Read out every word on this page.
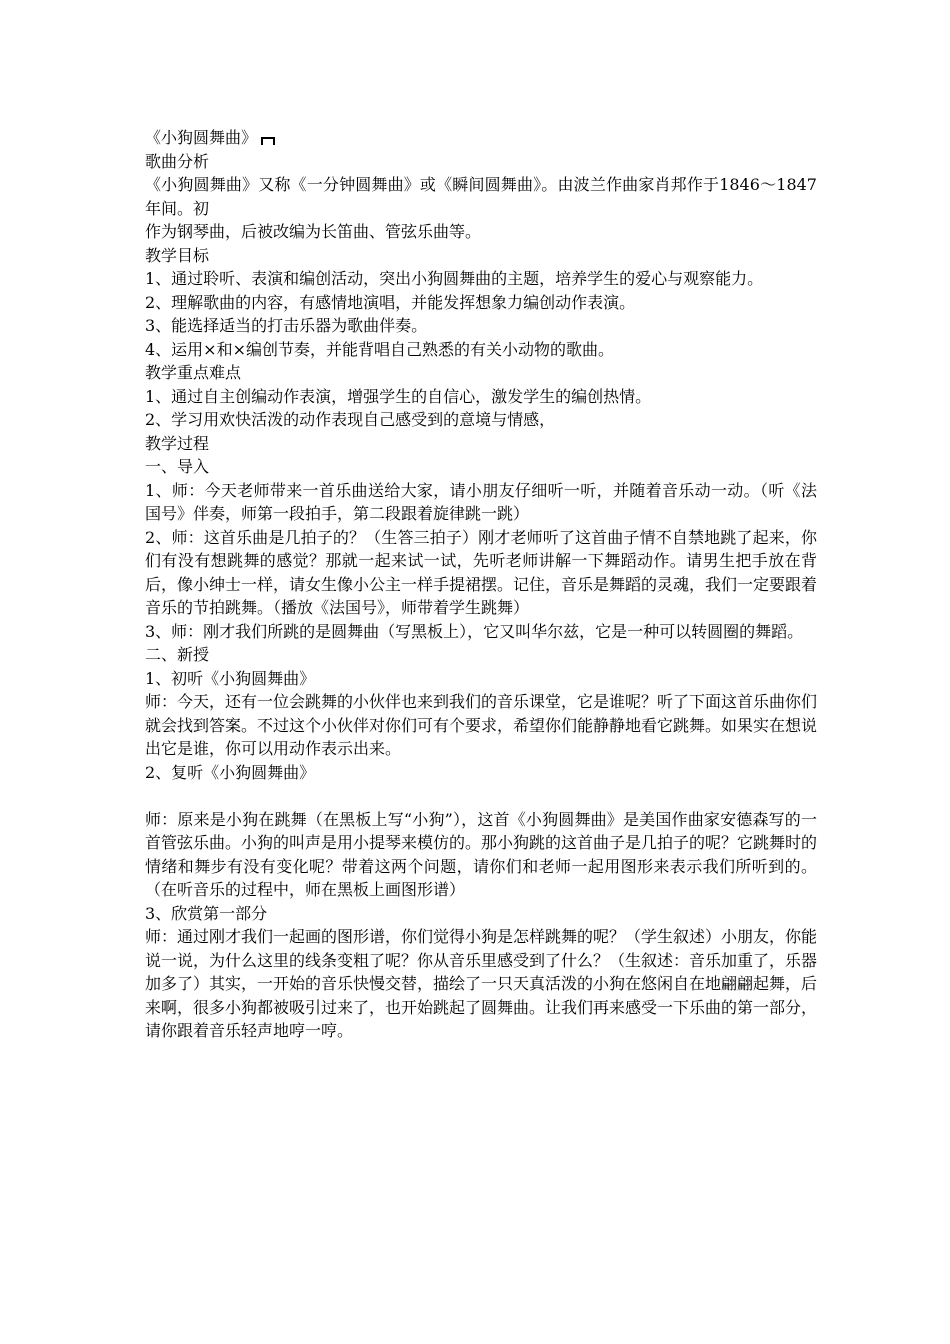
《小狗圆舞曲》

歌曲分析

《小狗圆舞曲》又称《一分钟圆舞曲》或《瞬间圆舞曲》。由波兰作曲家肖邦作于1846～1847年间。初

作为钢琴曲，后被改编为长笛曲、管弦乐曲等。

教学目标

1、通过聆听、表演和编创活动，突出小狗圆舞曲的主题，培养学生的爱心与观察能力。

2、理解歌曲的内容，有感情地演唱，并能发挥想象力编创动作表演。

3、能选择适当的打击乐器为歌曲伴奏。

4、运用×和×编创节奏，并能背唱自己熟悉的有关小动物的歌曲。

教学重点难点

1、通过自主创编动作表演，增强学生的自信心，激发学生的编创热情。

2、学习用欢快活泼的动作表现自己感受到的意境与情感，

教学过程

一、导入

1、师：今天老师带来一首乐曲送给大家，请小朋友仔细听一听，并随着音乐动一动。（听《法国号》伴奏，师第一段拍手，第二段跟着旋律跳一跳）

2、师：这首乐曲是几拍子的？（生答三拍子）刚才老师听了这首曲子情不自禁地跳了起来，你们有没有想跳舞的感觉？那就一起来试一试，先听老师讲解一下舞蹈动作。请男生把手放在背后，像小绅士一样，请女生像小公主一样手提裙摆。记住，音乐是舞蹈的灵魂，我们一定要跟着音乐的节拍跳舞。（播放《法国号》，师带着学生跳舞）

3、师：刚才我们所跳的是圆舞曲（写黑板上），它又叫华尔兹，它是一种可以转圆圈的舞蹈。

二、新授

1、初听《小狗圆舞曲》

师：今天，还有一位会跳舞的小伙伴也来到我们的音乐课堂，它是谁呢？听了下面这首乐曲你们就会找到答案。不过这个小伙伴对你们可有个要求，希望你们能静静地看它跳舞。如果实在想说出它是谁，你可以用动作表示出来。

2、复听《小狗圆舞曲》

师：原来是小狗在跳舞（在黑板上写“小狗”），这首《小狗圆舞曲》是美国作曲家安德森写的一首管弦乐曲。小狗的叫声是用小提琴来模仿的。那小狗跳的这首曲子是几拍子的呢？它跳舞时的情绪和舞步有没有变化呢？带着这两个问题，请你们和老师一起用图形来表示我们所听到的。（在听音乐的过程中，师在黑板上画图形谱）

3、欣赏第一部分

师：通过刚才我们一起画的图形谱，你们觉得小狗是怎样跳舞的呢？（学生叙述）小朋友，你能说一说，为什么这里的线条变粗了呢？你从音乐里感受到了什么？（生叙述：音乐加重了，乐器加多了）其实，一开始的音乐快慢交替，描绘了一只天真活泼的小狗在悠闲自在地翩翩起舞，后来啊，很多小狗都被吸引过来了，也开始跳起了圆舞曲。让我们再来感受一下乐曲的第一部分，请你跟着音乐轻声地哼一哼。
